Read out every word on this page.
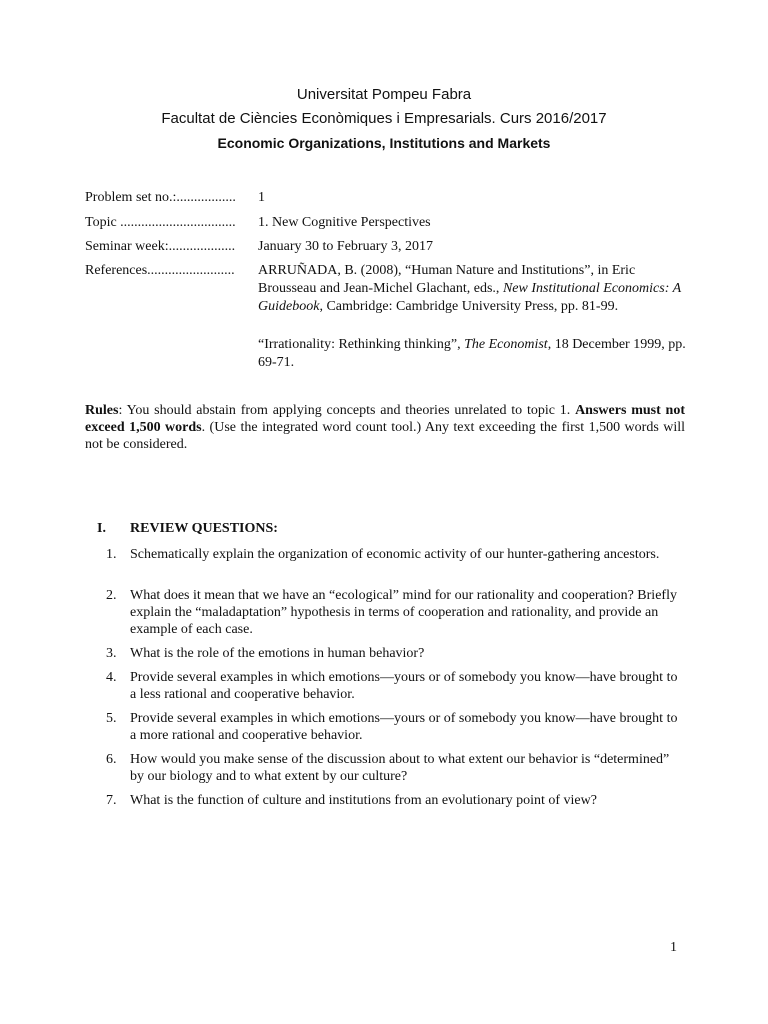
Universitat Pompeu Fabra
Facultat de Ciències Econòmiques i Empresarials. Curs 2016/2017
Economic Organizations, Institutions and Markets
Problem set no.:.................	1
Topic .................................	1. New Cognitive Perspectives
Seminar week:...................	January 30 to February 3, 2017
References.........................	ARRUÑADA, B. (2008), “Human Nature and Institutions”, in Eric Brousseau and Jean-Michel Glachant, eds., New Institutional Economics: A Guidebook, Cambridge: Cambridge University Press, pp. 81-99.
“Irrationality: Rethinking thinking”, The Economist, 18 December 1999, pp. 69-71.
Rules: You should abstain from applying concepts and theories unrelated to topic 1. Answers must not exceed 1,500 words. (Use the integrated word count tool.) Any text exceeding the first 1,500 words will not be considered.
I. REVIEW QUESTIONS:
1. Schematically explain the organization of economic activity of our hunter-gathering ancestors.
2. What does it mean that we have an “ecological” mind for our rationality and cooperation? Briefly explain the “maladaptation” hypothesis in terms of cooperation and rationality, and provide an example of each case.
3. What is the role of the emotions in human behavior?
4. Provide several examples in which emotions—yours or of somebody you know—have brought to a less rational and cooperative behavior.
5. Provide several examples in which emotions—yours or of somebody you know—have brought to a more rational and cooperative behavior.
6. How would you make sense of the discussion about to what extent our behavior is “determined” by our biology and to what extent by our culture?
7. What is the function of culture and institutions from an evolutionary point of view?
1
